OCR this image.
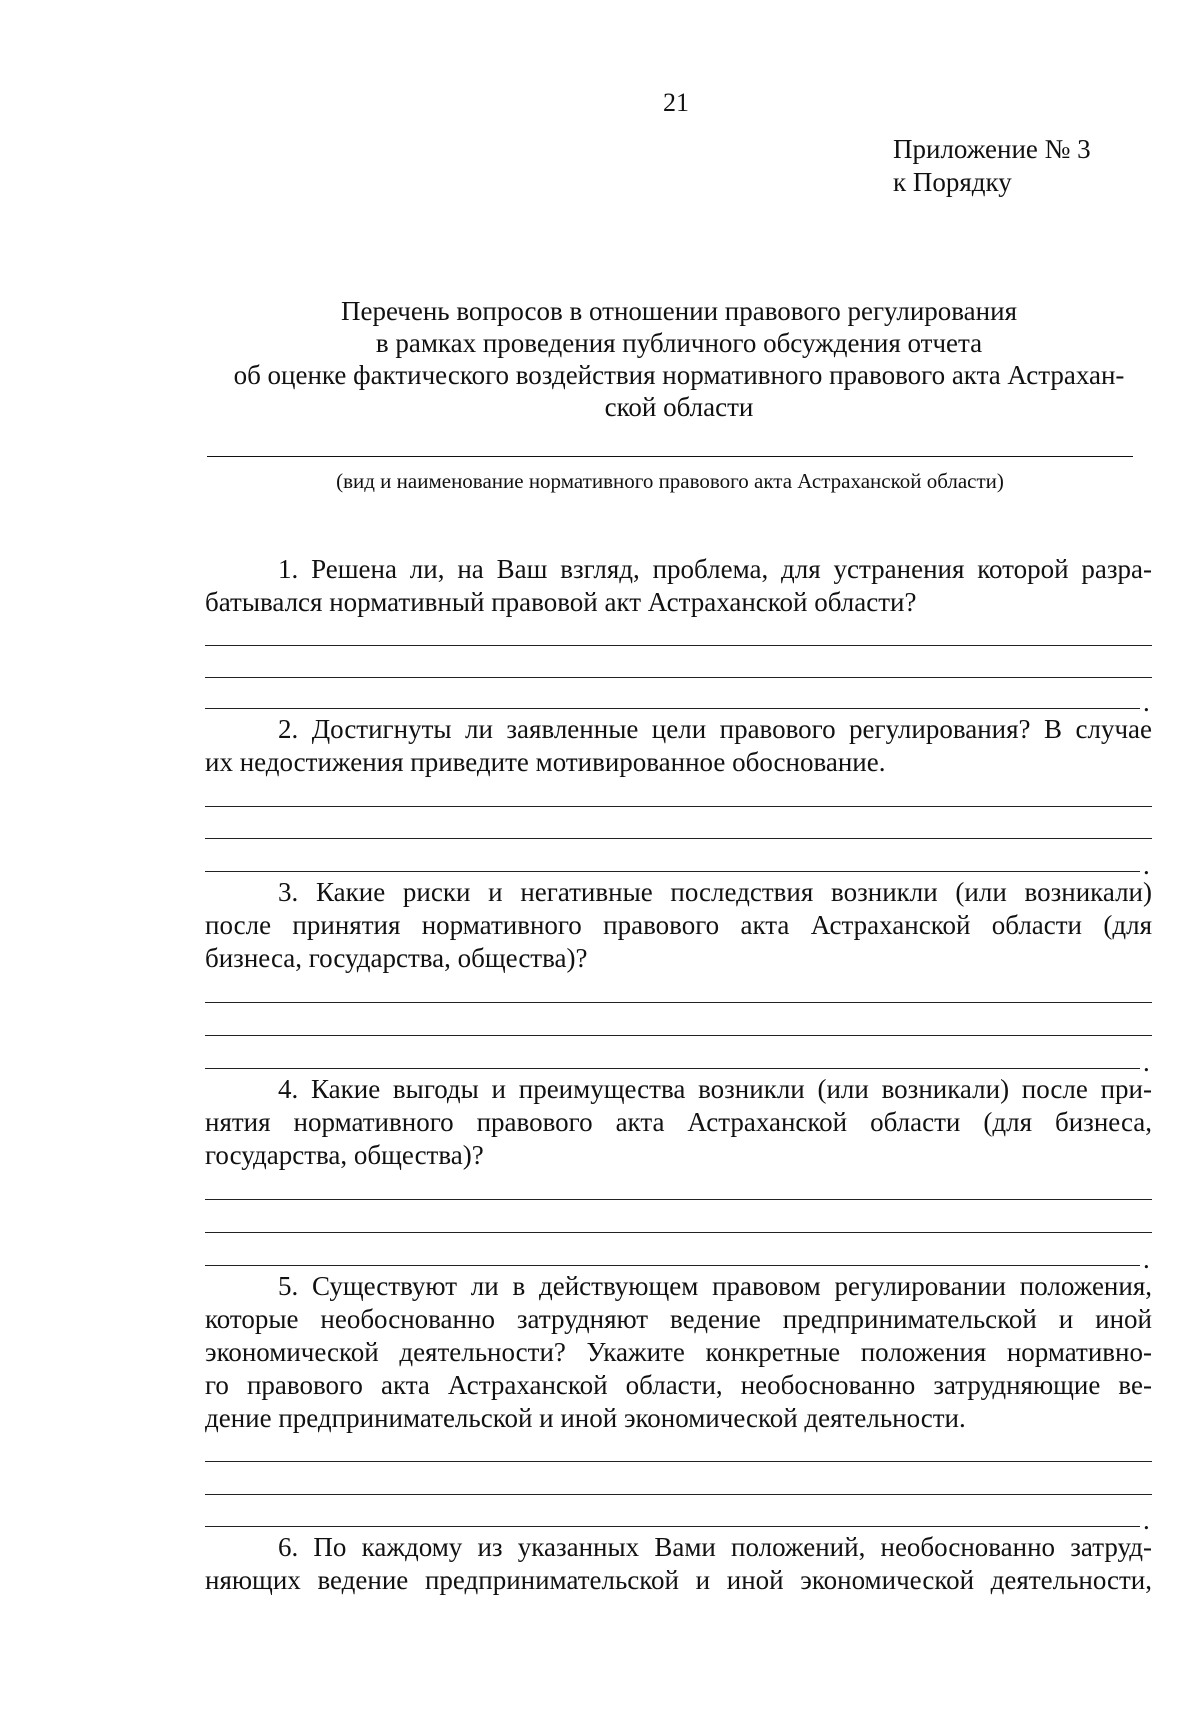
21
Приложение № 3
к Порядку
Перечень вопросов в отношении правового регулирования
в рамках проведения публичного обсуждения отчета
об оценке фактического воздействия нормативного правового акта Астрахан-
ской области
(вид и наименование нормативного правового акта Астраханской области)
1. Решена ли, на Ваш взгляд, проблема, для устранения которой разра-
батывался нормативный правовой акт Астраханской области?
.
2. Достигнуты ли заявленные цели правового регулирования? В случае
их недостижения приведите мотивированное обоснование.
.
3. Какие риски и негативные последствия возникли (или возникали)
после принятия нормативного правового акта Астраханской области (для
бизнеса, государства, общества)?
.
4. Какие выгоды и преимущества возникли (или возникали) после при-
нятия нормативного правового акта Астраханской области (для бизнеса,
государства, общества)?
.
5. Существуют ли в действующем правовом регулировании положения,
которые необоснованно затрудняют ведение предпринимательской и иной
экономической деятельности? Укажите конкретные положения нормативно-
го правового акта Астраханской области, необоснованно затрудняющие ве-
дение предпринимательской и иной экономической деятельности.
.
6. По каждому из указанных Вами положений, необоснованно затруд-
няющих ведение предпринимательской и иной экономической деятельности,
